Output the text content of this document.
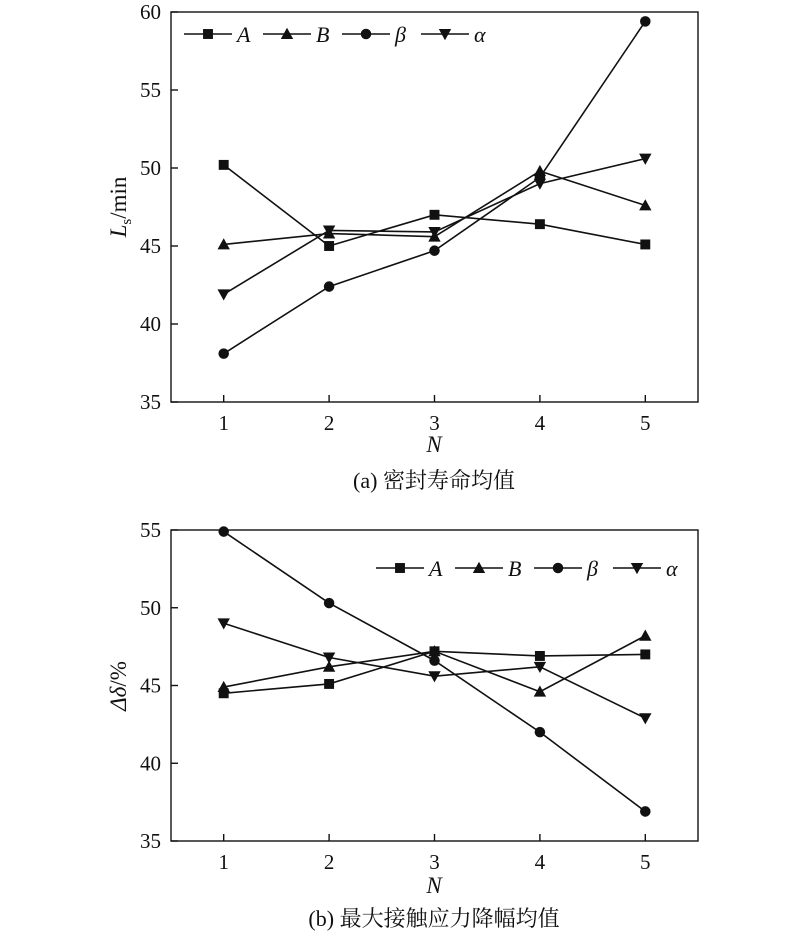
35
40
45
50
55
60
1	2	3	4	5
A	B	β	α
N
$L_s/\min$
(a) 密封寿命均值
35
40
45
50
55
1	2	3	4	5
A	B	β	α
N
Δδ/%
(b) 最大接触应力降幅均值
